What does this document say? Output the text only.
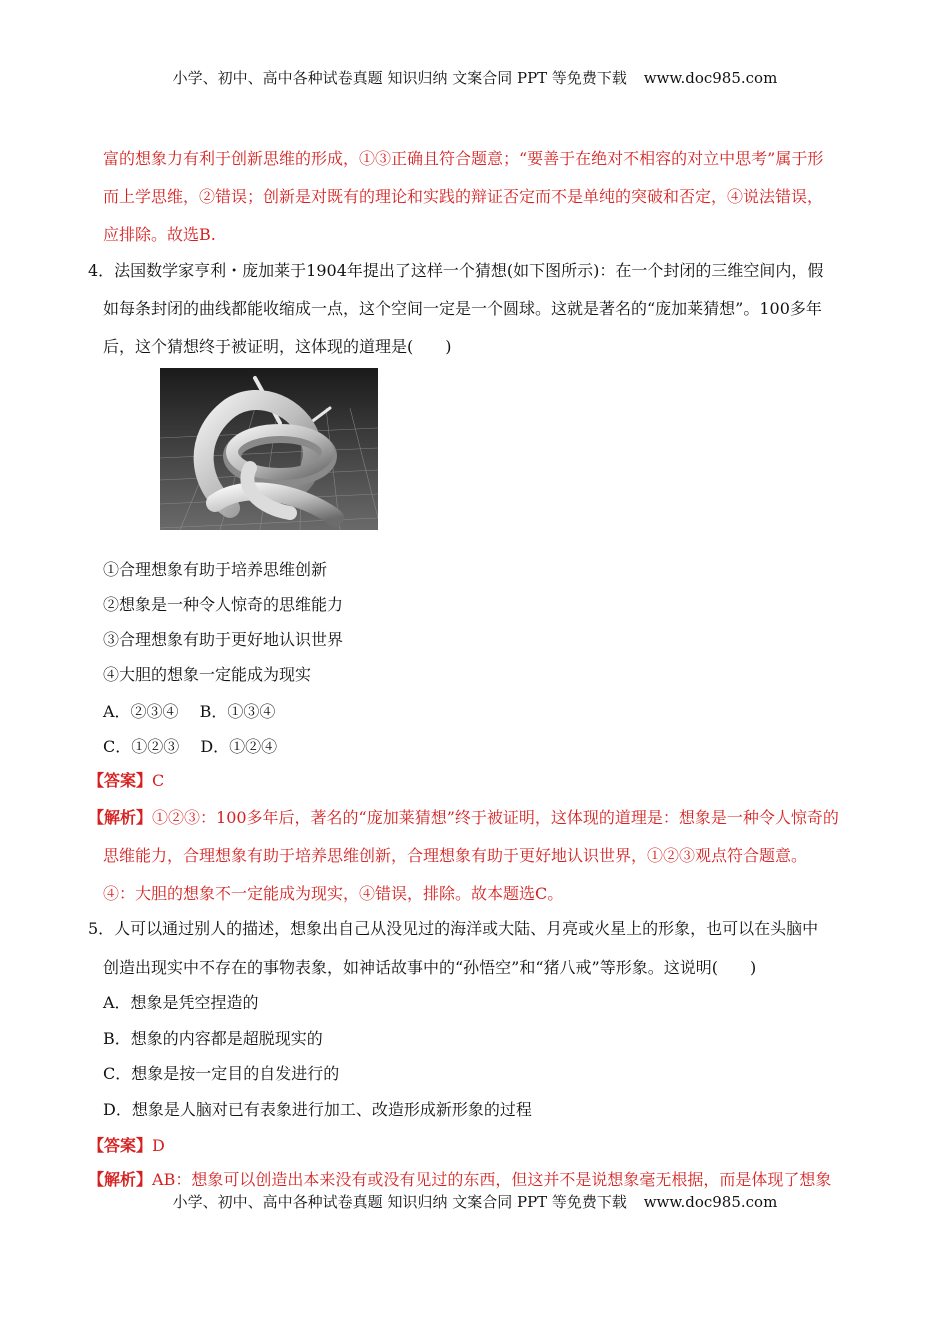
小学、初中、高中各种试卷真题 知识归纳 文案合同 PPT 等免费下载 www.doc985.com
富的想象力有利于创新思维的形成，①③正确且符合题意；“要善于在绝对不相容的对立中思考”属于形
而上学思维，②错误；创新是对既有的理论和实践的辩证否定而不是单纯的突破和否定，④说法错误，
应排除。故选B.
4．法国数学家亨利・庞加莱于1904年提出了这样一个猜想(如下图所示)：在一个封闭的三维空间内，假
如每条封闭的曲线都能收缩成一点，这个空间一定是一个圆球。这就是著名的“庞加莱猜想”。100多年
后，这个猜想终于被证明，这体现的道理是(　　)
①合理想象有助于培养思维创新
②想象是一种令人惊奇的思维能力
③合理想象有助于更好地认识世界
④大胆的想象一定能成为现实
A．②③④　 B．①③④
C．①②③　 D．①②④
【答案】C
【解析】①②③：100多年后，著名的“庞加莱猜想”终于被证明，这体现的道理是：想象是一种令人惊奇的
思维能力，合理想象有助于培养思维创新，合理想象有助于更好地认识世界，①②③观点符合题意。
④：大胆的想象不一定能成为现实，④错误，排除。故本题选C。
5．人可以通过别人的描述，想象出自己从没见过的海洋或大陆、月亮或火星上的形象，也可以在头脑中
创造出现实中不存在的事物表象，如神话故事中的“孙悟空”和“猪八戒”等形象。这说明(　　)
A．想象是凭空捏造的
B．想象的内容都是超脱现实的
C．想象是按一定目的自发进行的
D．想象是人脑对已有表象进行加工、改造形成新形象的过程
【答案】D
【解析】AB：想象可以创造出本来没有或没有见过的东西，但这并不是说想象毫无根据，而是体现了想象
小学、初中、高中各种试卷真题 知识归纳 文案合同 PPT 等免费下载 www.doc985.com
